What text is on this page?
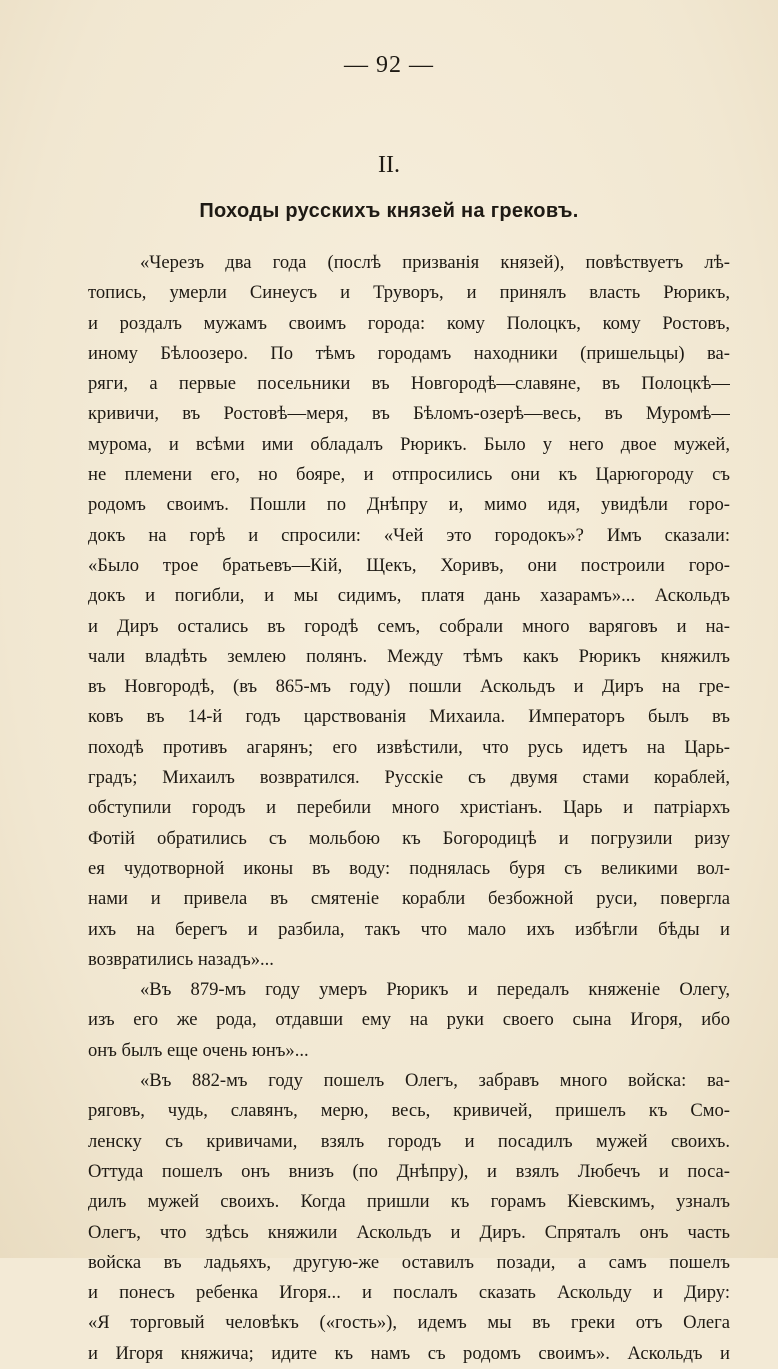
— 92 —
II.
Походы русскихъ князей на грековъ.
«Черезъ два года (послѣ призванія князей), повѣствуетъ лѣ-
топись, умерли Синеусъ и Труворъ, и принялъ власть Рюрикъ,
и роздалъ мужамъ своимъ города: кому Полоцкъ, кому Ростовъ,
иному Бѣлоозеро. По тѣмъ городамъ находники (пришельцы) ва-
ряги, а первые посельники въ Новгородѣ—славяне, въ Полоцкѣ—
кривичи, въ Ростовѣ—меря, въ Бѣломъ-озерѣ—весь, въ Муромѣ—
мурома, и всѣми ими обладалъ Рюрикъ. Было у него двое мужей,
не племени его, но бояре, и отпросились они къ Царюгороду съ
родомъ своимъ. Пошли по Днѣпру и, мимо идя, увидѣли горо-
докъ на горѣ и спросили: «Чей это городокъ»? Имъ сказали:
«Было трое братьевъ—Кій, Щекъ, Хоривъ, они построили горо-
докъ и погибли, и мы сидимъ, платя дань хазарамъ»... Аскольдъ
и Диръ остались въ городѣ семъ, собрали много варяговъ и на-
чали владѣть землею полянъ. Между тѣмъ какъ Рюрикъ княжилъ
въ Новгородѣ, (въ 865-мъ году) пошли Аскольдъ и Диръ на гре-
ковъ въ 14-й годъ царствованія Михаила. Императоръ былъ въ
походѣ противъ агарянъ; его извѣстили, что русь идетъ на Царь-
градъ; Михаилъ возвратился. Русскіе съ двумя стами кораблей,
обступили городъ и перебили много христіанъ. Царь и патріархъ
Фотій обратились съ мольбою къ Богородицѣ и погрузили ризу
ея чудотворной иконы въ воду: поднялась буря съ великими вол-
нами и привела въ смятеніе корабли безбожной руси, повергла
ихъ на берегъ и разбила, такъ что мало ихъ избѣгли бѣды и
возвратились назадъ»...
«Въ 879-мъ году умеръ Рюрикъ и передалъ княженіе Олегу,
изъ его же рода, отдавши ему на руки своего сына Игоря, ибо
онъ былъ еще очень юнъ»...
«Въ 882-мъ году пошелъ Олегъ, забравъ много войска: ва-
ряговъ, чудь, славянъ, мерю, весь, кривичей, пришелъ къ Смо-
ленску съ кривичами, взялъ городъ и посадилъ мужей своихъ.
Оттуда пошелъ онъ внизъ (по Днѣпру), и взялъ Любечъ и поса-
дилъ мужей своихъ. Когда пришли къ горамъ Кіевскимъ, узналъ
Олегъ, что здѣсь княжили Аскольдъ и Диръ. Спряталъ онъ часть
войска въ ладьяхъ, другую-же оставилъ позади, а самъ пошелъ
и понесъ ребенка Игоря... и послалъ сказать Аскольду и Диру:
«Я торговый человѣкъ («гость»), идемъ мы въ греки отъ Олега
и Игоря княжича; идите къ намъ съ родомъ своимъ». Аскольдъ и
